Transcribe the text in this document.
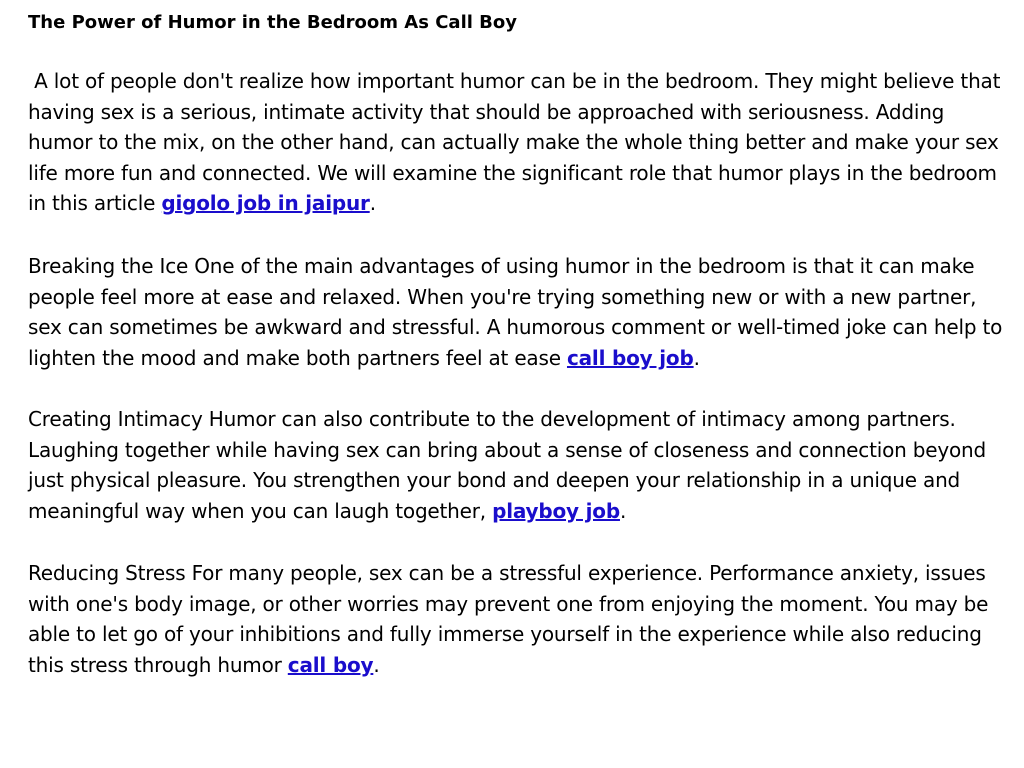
The Power of Humor in the Bedroom As Call Boy

A lot of people don't realize how important humor can be in the bedroom. They might believe that having sex is a serious, intimate activity that should be approached with seriousness. Adding humor to the mix, on the other hand, can actually make the whole thing better and make your sex life more fun and connected. We will examine the significant role that humor plays in the bedroom in this article gigolo job in jaipur.

Breaking the Ice One of the main advantages of using humor in the bedroom is that it can make people feel more at ease and relaxed. When you're trying something new or with a new partner, sex can sometimes be awkward and stressful. A humorous comment or well-timed joke can help to lighten the mood and make both partners feel at ease call boy job.

Creating Intimacy Humor can also contribute to the development of intimacy among partners. Laughing together while having sex can bring about a sense of closeness and connection beyond just physical pleasure. You strengthen your bond and deepen your relationship in a unique and meaningful way when you can laugh together, playboy job.

Reducing Stress For many people, sex can be a stressful experience. Performance anxiety, issues with one's body image, or other worries may prevent one from enjoying the moment. You may be able to let go of your inhibitions and fully immerse yourself in the experience while also reducing this stress through humor call boy.
